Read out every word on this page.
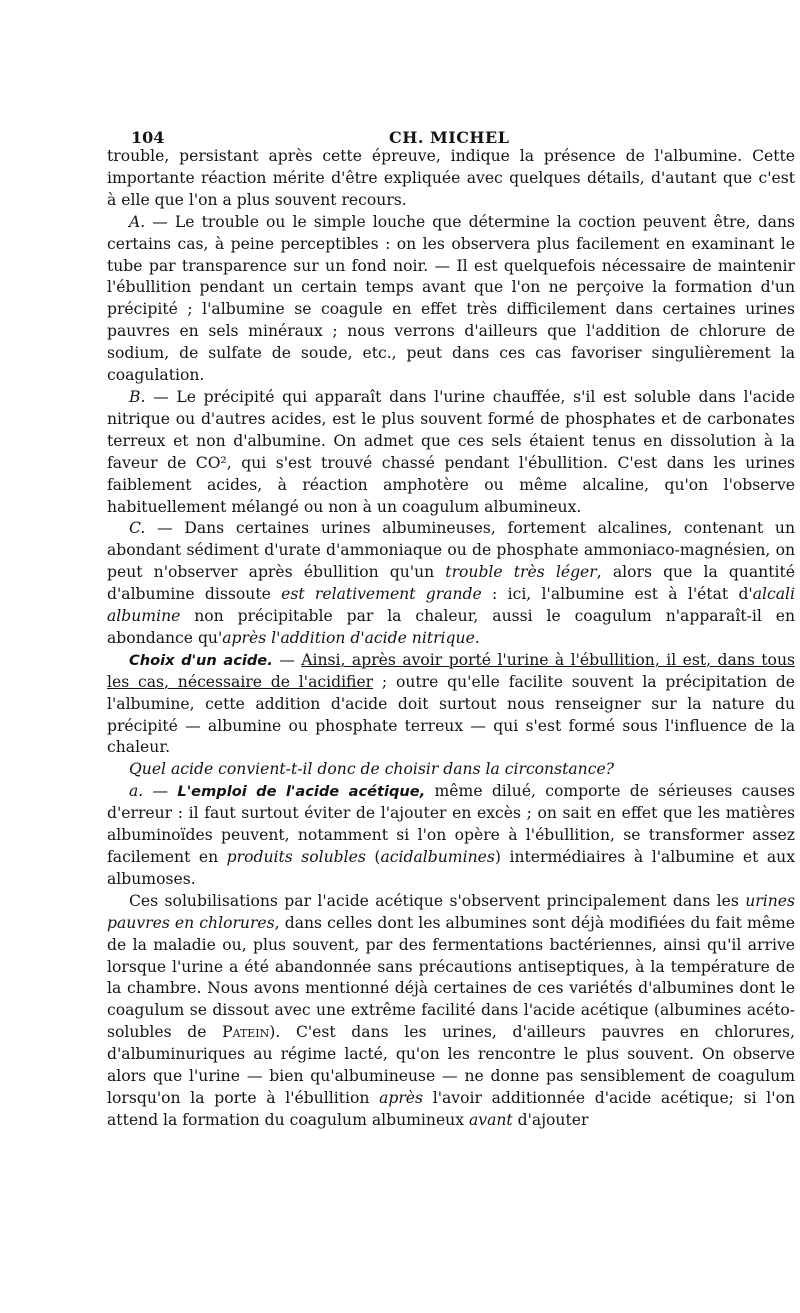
104	CH. MICHEL

trouble, persistant après cette épreuve, indique la présence de l'albumine. Cette importante réaction mérite d'être expliquée avec quelques détails, d'autant que c'est à elle que l'on a plus souvent recours.

A. — Le trouble ou le simple louche que détermine la coction peuvent être, dans certains cas, à peine perceptibles : on les observera plus facilement en examinant le tube par transparence sur un fond noir. — Il est quelquefois nécessaire de maintenir l'ébullition pendant un certain temps avant que l'on ne perçoive la formation d'un précipité ; l'albumine se coagule en effet très difficilement dans certaines urines pauvres en sels minéraux ; nous verrons d'ailleurs que l'addition de chlorure de sodium, de sulfate de soude, etc., peut dans ces cas favoriser singulièrement la coagulation.

B. — Le précipité qui apparaît dans l'urine chauffée, s'il est soluble dans l'acide nitrique ou d'autres acides, est le plus souvent formé de phosphates et de carbonates terreux et non d'albumine. On admet que ces sels étaient tenus en dissolution à la faveur de CO², qui s'est trouvé chassé pendant l'ébullition. C'est dans les urines faiblement acides, à réaction amphotère ou même alcaline, qu'on l'observe habituellement mélangé ou non à un coagulum albumineux.

C. — Dans certaines urines albumineuses, fortement alcalines, contenant un abondant sédiment d'urate d'ammoniaque ou de phosphate ammoniaco-magnésien, on peut n'observer après ébullition qu'un trouble très léger, alors que la quantité d'albumine dissoute est relativement grande : ici, l'albumine est à l'état d'alcali albumine non précipitable par la chaleur, aussi le coagulum n'apparaît-il en abondance qu'après l'addition d'acide nitrique.

Choix d'un acide. — Ainsi, après avoir porté l'urine à l'ébullition, il est, dans tous les cas, nécessaire de l'acidifier ; outre qu'elle facilite souvent la précipitation de l'albumine, cette addition d'acide doit surtout nous renseigner sur la nature du précipité — albumine ou phosphate terreux — qui s'est formé sous l'influence de la chaleur.

Quel acide convient-t-il donc de choisir dans la circonstance?

a. — L'emploi de l'acide acétique, même dilué, comporte de sérieuses causes d'erreur : il faut surtout éviter de l'ajouter en excès ; on sait en effet que les matières albuminoïdes peuvent, notamment si l'on opère à l'ébullition, se transformer assez facilement en produits solubles (acidalbumines) intermédiaires à l'albumine et aux albumoses.

Ces solubilisations par l'acide acétique s'observent principalement dans les urines pauvres en chlorures, dans celles dont les albumines sont déjà modifiées du fait même de la maladie ou, plus souvent, par des fermentations bactériennes, ainsi qu'il arrive lorsque l'urine a été abandonnée sans précautions antiseptiques, à la température de la chambre. Nous avons mentionné déjà certaines de ces variétés d'albumines dont le coagulum se dissout avec une extrême facilité dans l'acide acétique (albumines acéto-solubles de Patein). C'est dans les urines, d'ailleurs pauvres en chlorures, d'albuminuriques au régime lacté, qu'on les rencontre le plus souvent. On observe alors que l'urine — bien qu'albumineuse — ne donne pas sensiblement de coagulum lorsqu'on la porte à l'ébullition après l'avoir additionnée d'acide acétique; si l'on attend la formation du coagulum albumineux avant d'ajouter
